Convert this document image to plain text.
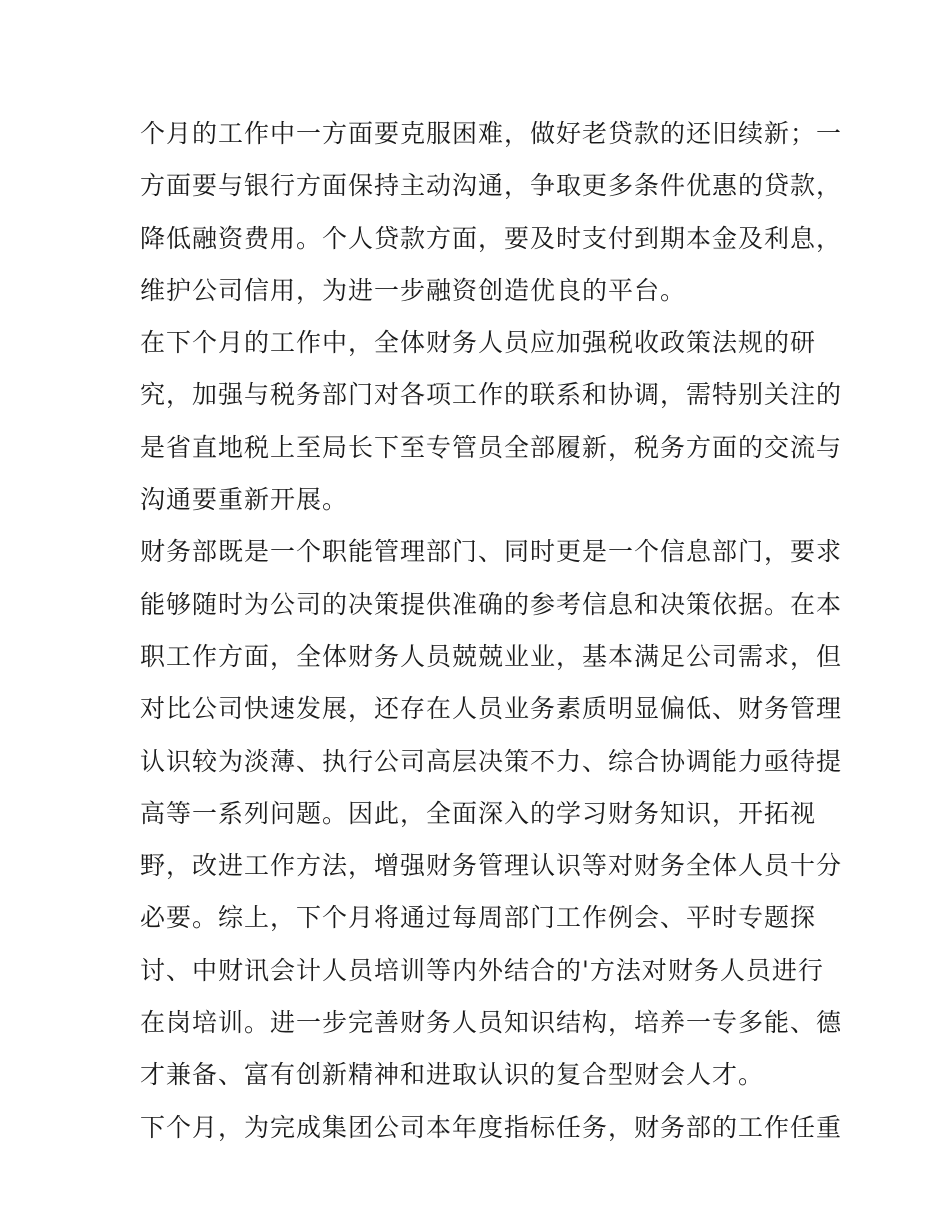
个月的工作中一方面要克服困难，做好老贷款的还旧续新；一
方面要与银行方面保持主动沟通，争取更多条件优惠的贷款，
降低融资费用。个人贷款方面，要及时支付到期本金及利息，
维护公司信用，为进一步融资创造优良的平台。
在下个月的工作中，全体财务人员应加强税收政策法规的研
究，加强与税务部门对各项工作的联系和协调，需特别关注的
是省直地税上至局长下至专管员全部履新，税务方面的交流与
沟通要重新开展。
财务部既是一个职能管理部门、同时更是一个信息部门，要求
能够随时为公司的决策提供准确的参考信息和决策依据。在本
职工作方面，全体财务人员兢兢业业，基本满足公司需求，但
对比公司快速发展，还存在人员业务素质明显偏低、财务管理
认识较为淡薄、执行公司高层决策不力、综合协调能力亟待提
高等一系列问题。因此，全面深入的学习财务知识，开拓视
野，改进工作方法，增强财务管理认识等对财务全体人员十分
必要。综上，下个月将通过每周部门工作例会、平时专题探
讨、中财讯会计人员培训等内外结合的'方法对财务人员进行
在岗培训。进一步完善财务人员知识结构，培养一专多能、德
才兼备、富有创新精神和进取认识的复合型财会人才。
下个月，为完成集团公司本年度指标任务，财务部的工作任重
